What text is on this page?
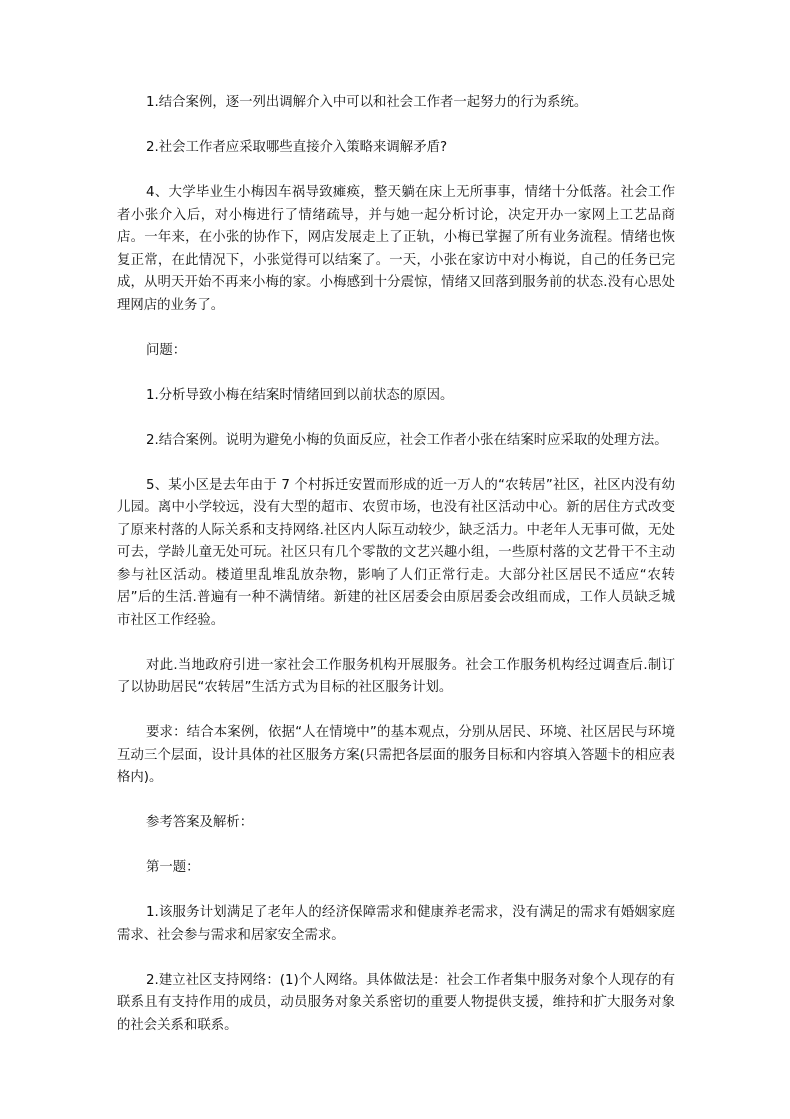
1.结合案例，逐一列出调解介入中可以和社会工作者一起努力的行为系统。

2.社会工作者应采取哪些直接介入策略来调解矛盾?

4、大学毕业生小梅因车祸导致瘫痪，整天躺在床上无所事事，情绪十分低落。社会工作者小张介入后，对小梅进行了情绪疏导，并与她一起分析讨论，决定开办一家网上工艺品商店。一年来，在小张的协作下，网店发展走上了正轨，小梅已掌握了所有业务流程。情绪也恢复正常，在此情况下，小张觉得可以结案了。一天，小张在家访中对小梅说，自己的任务已完成，从明天开始不再来小梅的家。小梅感到十分震惊，情绪又回落到服务前的状态.没有心思处理网店的业务了。

问题：

1.分析导致小梅在结案时情绪回到以前状态的原因。

2.结合案例。说明为避免小梅的负面反应，社会工作者小张在结案时应采取的处理方法。

5、某小区是去年由于 7 个村拆迁安置而形成的近一万人的“农转居”社区，社区内没有幼儿园。离中小学较远，没有大型的超市、农贸市场，也没有社区活动中心。新的居住方式改变了原来村落的人际关系和支持网络.社区内人际互动较少，缺乏活力。中老年人无事可做，无处可去，学龄儿童无处可玩。社区只有几个零散的文艺兴趣小组，一些原村落的文艺骨干不主动参与社区活动。楼道里乱堆乱放杂物，影响了人们正常行走。大部分社区居民不适应“农转居”后的生活.普遍有一种不满情绪。新建的社区居委会由原居委会改组而成，工作人员缺乏城市社区工作经验。

对此.当地政府引进一家社会工作服务机构开展服务。社会工作服务机构经过调查后.制订了以协助居民“农转居”生活方式为目标的社区服务计划。

要求：结合本案例，依据“人在情境中”的基本观点，分别从居民、环境、社区居民与环境互动三个层面，设计具体的社区服务方案(只需把各层面的服务目标和内容填入答题卡的相应表格内)。

参考答案及解析：

第一题：

1.该服务计划满足了老年人的经济保障需求和健康养老需求，没有满足的需求有婚姻家庭需求、社会参与需求和居家安全需求。

2.建立社区支持网络：(1)个人网络。具体做法是：社会工作者集中服务对象个人现存的有联系且有支持作用的成员，动员服务对象关系密切的重要人物提供支援，维持和扩大服务对象的社会关系和联系。
